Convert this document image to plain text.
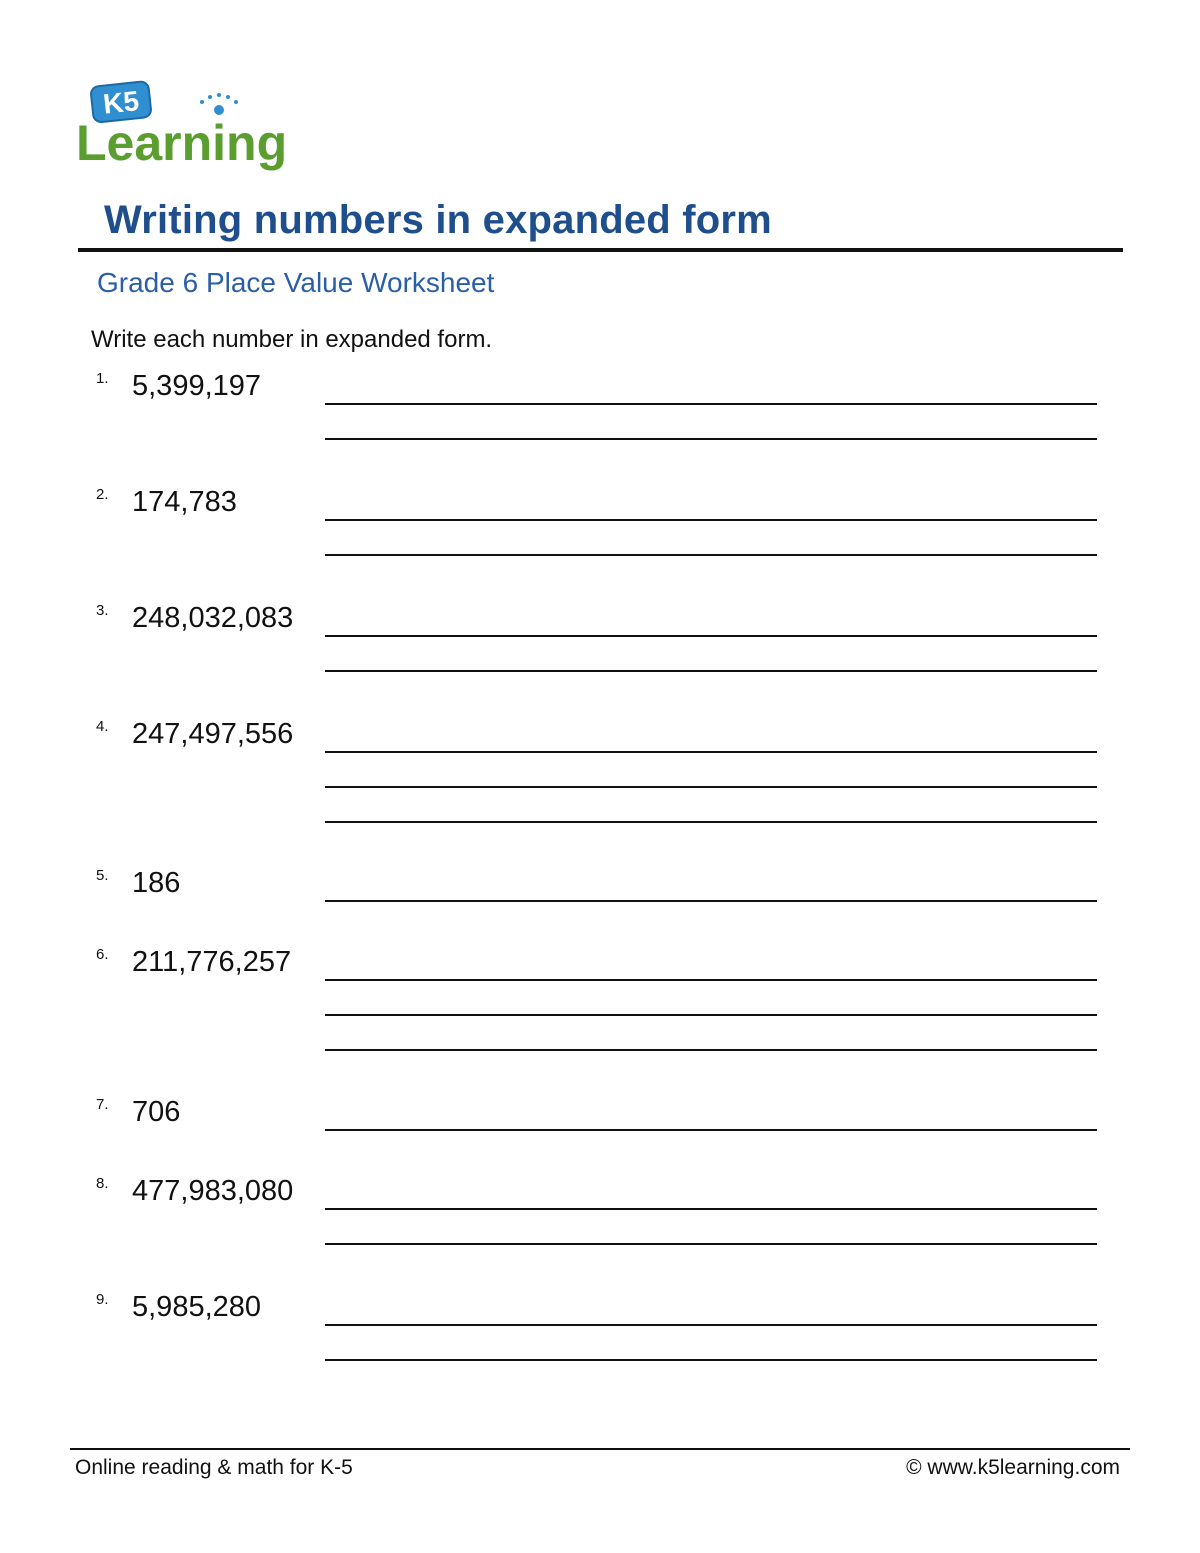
K5
Learning
Writing numbers in expanded form
Grade 6 Place Value Worksheet
Write each number in expanded form.
1. 5,399,197
2. 174,783
3. 248,032,083
4. 247,497,556
5. 186
6. 211,776,257
7. 706
8. 477,983,080
9. 5,985,280
Online reading & math for K-5	© www.k5learning.com
